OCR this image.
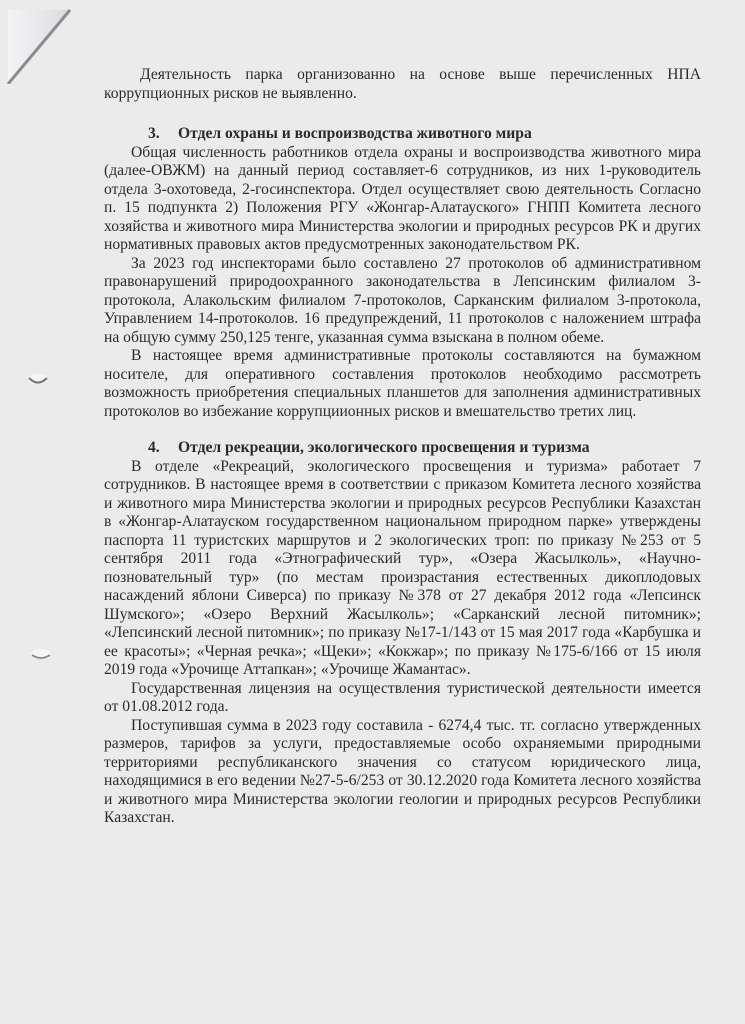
Деятельность парка организованно на основе выше перечисленных НПА коррупционных рисков не выявленно.

3. Отдел охраны и воспроизводства животного мира

Общая численность работников отдела охраны и воспроизводства животного мира (далее-ОВЖМ) на данный период составляет-6 сотрудников, из них 1-руководитель отдела 3-охотоведа, 2-госинспектора. Отдел осуществляет свою деятельность Согласно п. 15 подпункта 2) Положения РГУ «Жонгар-Алатауского» ГНПП Комитета лесного хозяйства и животного мира Министерства экологии и природных ресурсов РК и других нормативных правовых актов предусмотренных законодательством РК.

За 2023 год инспекторами было составлено 27 протоколов об административном правонарушений природоохранного законодательства в Лепсинским филиалом 3-протокола, Алакольским филиалом 7-протоколов, Сарканским филиалом 3-протокола, Управлением 14-протоколов. 16 предупреждений, 11 протоколов с наложением штрафа на общую сумму 250,125 тенге, указанная сумма взыскана в полном обеме.

В настоящее время административные протоколы составляются на бумажном носителе, для оперативного составления протоколов необходимо рассмотреть возможность приобретения специальных планшетов для заполнения административных протоколов во избежание коррупциионных рисков и вмешательство третих лиц.

4. Отдел рекреации, экологического просвещения и туризма

В отделе «Рекреаций, экологического просвещения и туризма» работает 7 сотрудников. В настоящее время в соответствии с приказом Комитета лесного хозяйства и животного мира Министерства экологии и природных ресурсов Республики Казахстан в «Жонгар-Алатауском государственном национальном природном парке» утверждены паспорта 11 туристских маршрутов и 2 экологических троп: по приказу №253 от 5 сентября 2011 года «Этнографический тур», «Озера Жасылколь», «Научно-позновательный тур» (по местам произрастания естественных дикоплодовых насаждений яблони Сиверса) по приказу №378 от 27 декабря 2012 года «Лепсинск Шумского»; «Озеро Верхний Жасылколь»; «Сарканский лесной питомник»; «Лепсинский лесной питомник»; по приказу №17-1/143 от 15 мая 2017 года «Карбушка и ее красоты»; «Черная речка»; «Щеки»; «Кокжар»; по приказу №175-6/166 от 15 июля 2019 года «Урочище Аттапкан»; «Урочище Жамантас».

Государственная лицензия на осуществления туристической деятельности имеется от 01.08.2012 года.

Поступившая сумма в 2023 году составила - 6274,4 тыс. тг. согласно утвержденных размеров, тарифов за услуги, предоставляемые особо охраняемыми природными территориями республиканского значения со статусом юридического лица, находящимися в его ведении №27-5-6/253 от 30.12.2020 года Комитета лесного хозяйства и животного мира Министерства экологии геологии и природных ресурсов Республики Казахстан.
